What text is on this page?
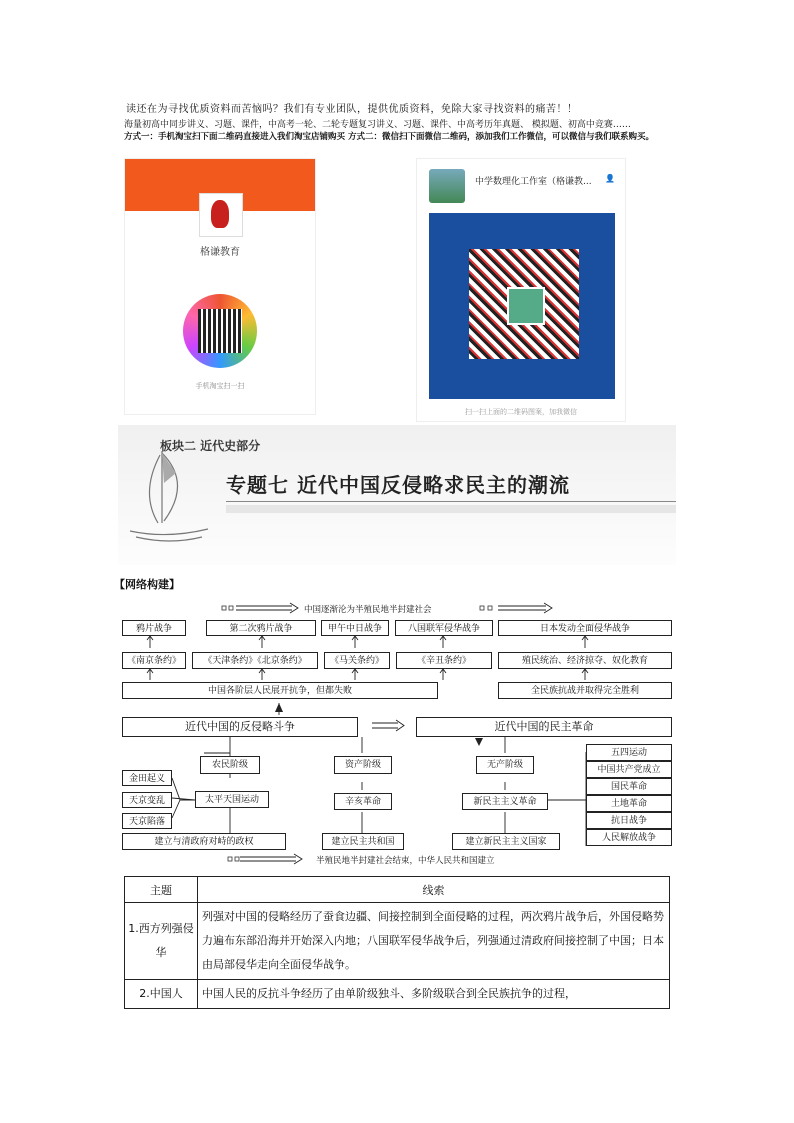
读还在为寻找优质资料而苦恼吗？我们有专业团队，提供优质资料，免除大家寻找资料的痛苦！！
海量初高中同步讲义、习题、课件，中高考一轮、二轮专题复习讲义、习题、课件、中高考历年真题、 模拟题、初高中竞赛……
方式一：手机淘宝扫下面二维码直接进入我们淘宝店铺购买 方式二：微信扫下面微信二维码，添加我们工作微信，可以微信与我们联系购买。
格谦教育
手机淘宝扫一扫
中学数理化工作室（格谦教... 👤
扫一扫上面的二维码图案，加我微信
板块二 近代史部分
专题七 近代中国反侵略求民主的潮流
【网络构建】
中国逐渐沦为半殖民地半封建社会
鸦片战争	第二次鸦片战争	甲午中日战争	八国联军侵华战争	日本发动全面侵华战争
《南京条约》	《天津条约》《北京条约》	《马关条约》	《辛丑条约》	殖民统治、经济掠夺、奴化教育
中国各阶层人民展开抗争，但都失败	全民族抗战并取得完全胜利
近代中国的反侵略斗争	近代中国的民主革命
农民阶级	资产阶级	无产阶级
金田起义
天京变乱
天京陷落
太平天国运动	辛亥革命	新民主主义革命
五四运动
中国共产党成立
国民革命
土地革命
抗日战争
人民解放战争
建立与清政府对峙的政权	建立民主共和国	建立新民主主义国家
半殖民地半封建社会结束，中华人民共和国建立
主题	线索
1.西方列强侵华	列强对中国的侵略经历了蚕食边疆、间接控制到全面侵略的过程，两次鸦片战争后，外国侵略势力遍布东部沿海并开始深入内地；八国联军侵华战争后，列强通过清政府间接控制了中国；日本由局部侵华走向全面侵华战争。
2.中国人	中国人民的反抗斗争经历了由单阶级独斗、多阶级联合到全民族抗争的过程，
